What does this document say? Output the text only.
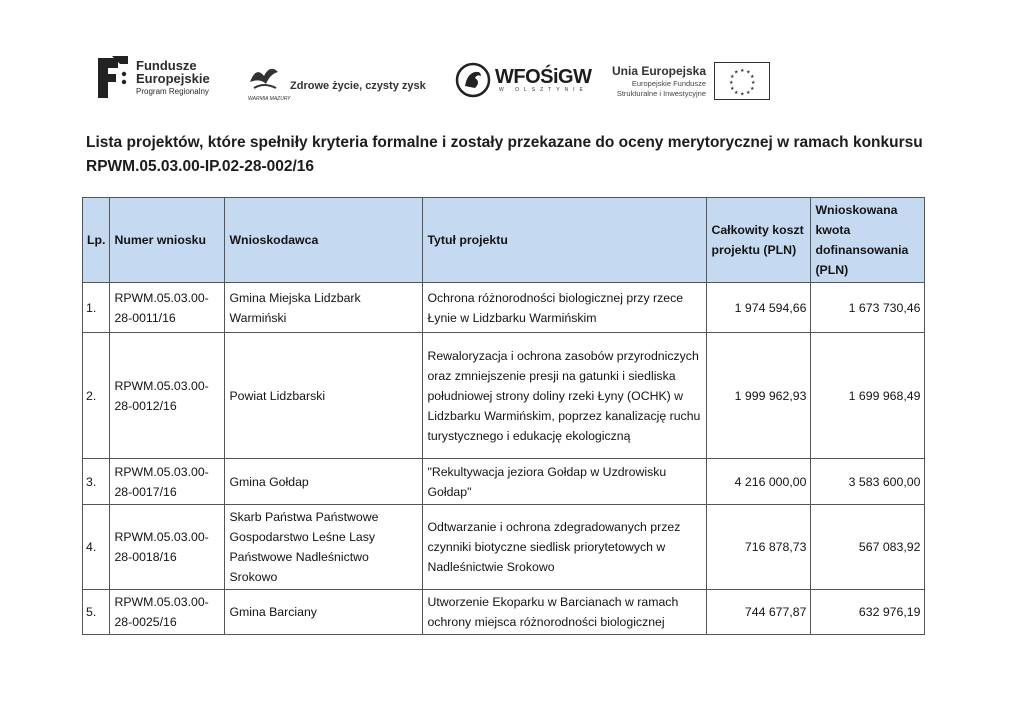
Fundusze
Europejskie
Program Regionalny
WARMIA MAZURY
Zdrowe życie, czysty zysk	WFOŚiGW
W OLSZTYNIE
Unia Europejska
Europejskie Fundusze
Strukturalne i Inwestycyjne
★ ★
★
★
★
★
★
★
★
★
★
★
Lista projektów, które spełniły kryteria formalne i zostały przekazane do oceny merytorycznej w ramach konkursu
RPWM.05.03.00-IP.02-28-002/16
Lp.	Numer wniosku	Wnioskodawca	Tytuł projektu	Całkowity koszt projektu (PLN)	Wnioskowana kwota dofinansowania (PLN)
1.	RPWM.05.03.00-28-0011/16	Gmina Miejska Lidzbark Warmiński	Ochrona różnorodności biologicznej przy rzece Łynie w Lidzbarku Warmińskim	1 974 594,66	1 673 730,46
2.	RPWM.05.03.00-28-0012/16	Powiat Lidzbarski	Rewaloryzacja i ochrona zasobów przyrodniczych oraz zmniejszenie presji na gatunki i siedliska południowej strony doliny rzeki Łyny (OCHK) w Lidzbarku Warmińskim, poprzez kanalizację ruchu turystycznego i edukację ekologiczną	1 999 962,93	1 699 968,49
3.	RPWM.05.03.00-28-0017/16	Gmina Gołdap	"Rekultywacja jeziora Gołdap w Uzdrowisku Gołdap"	4 216 000,00	3 583 600,00
4.	RPWM.05.03.00-28-0018/16	Skarb Państwa Państwowe Gospodarstwo Leśne Lasy Państwowe Nadleśnictwo Srokowo	Odtwarzanie i ochrona zdegradowanych przez czynniki biotyczne siedlisk priorytetowych w Nadleśnictwie Srokowo	716 878,73	567 083,92
5.	RPWM.05.03.00-28-0025/16	Gmina Barciany	Utworzenie Ekoparku w Barcianach w ramach ochrony miejsca różnorodności biologicznej	744 677,87	632 976,19
